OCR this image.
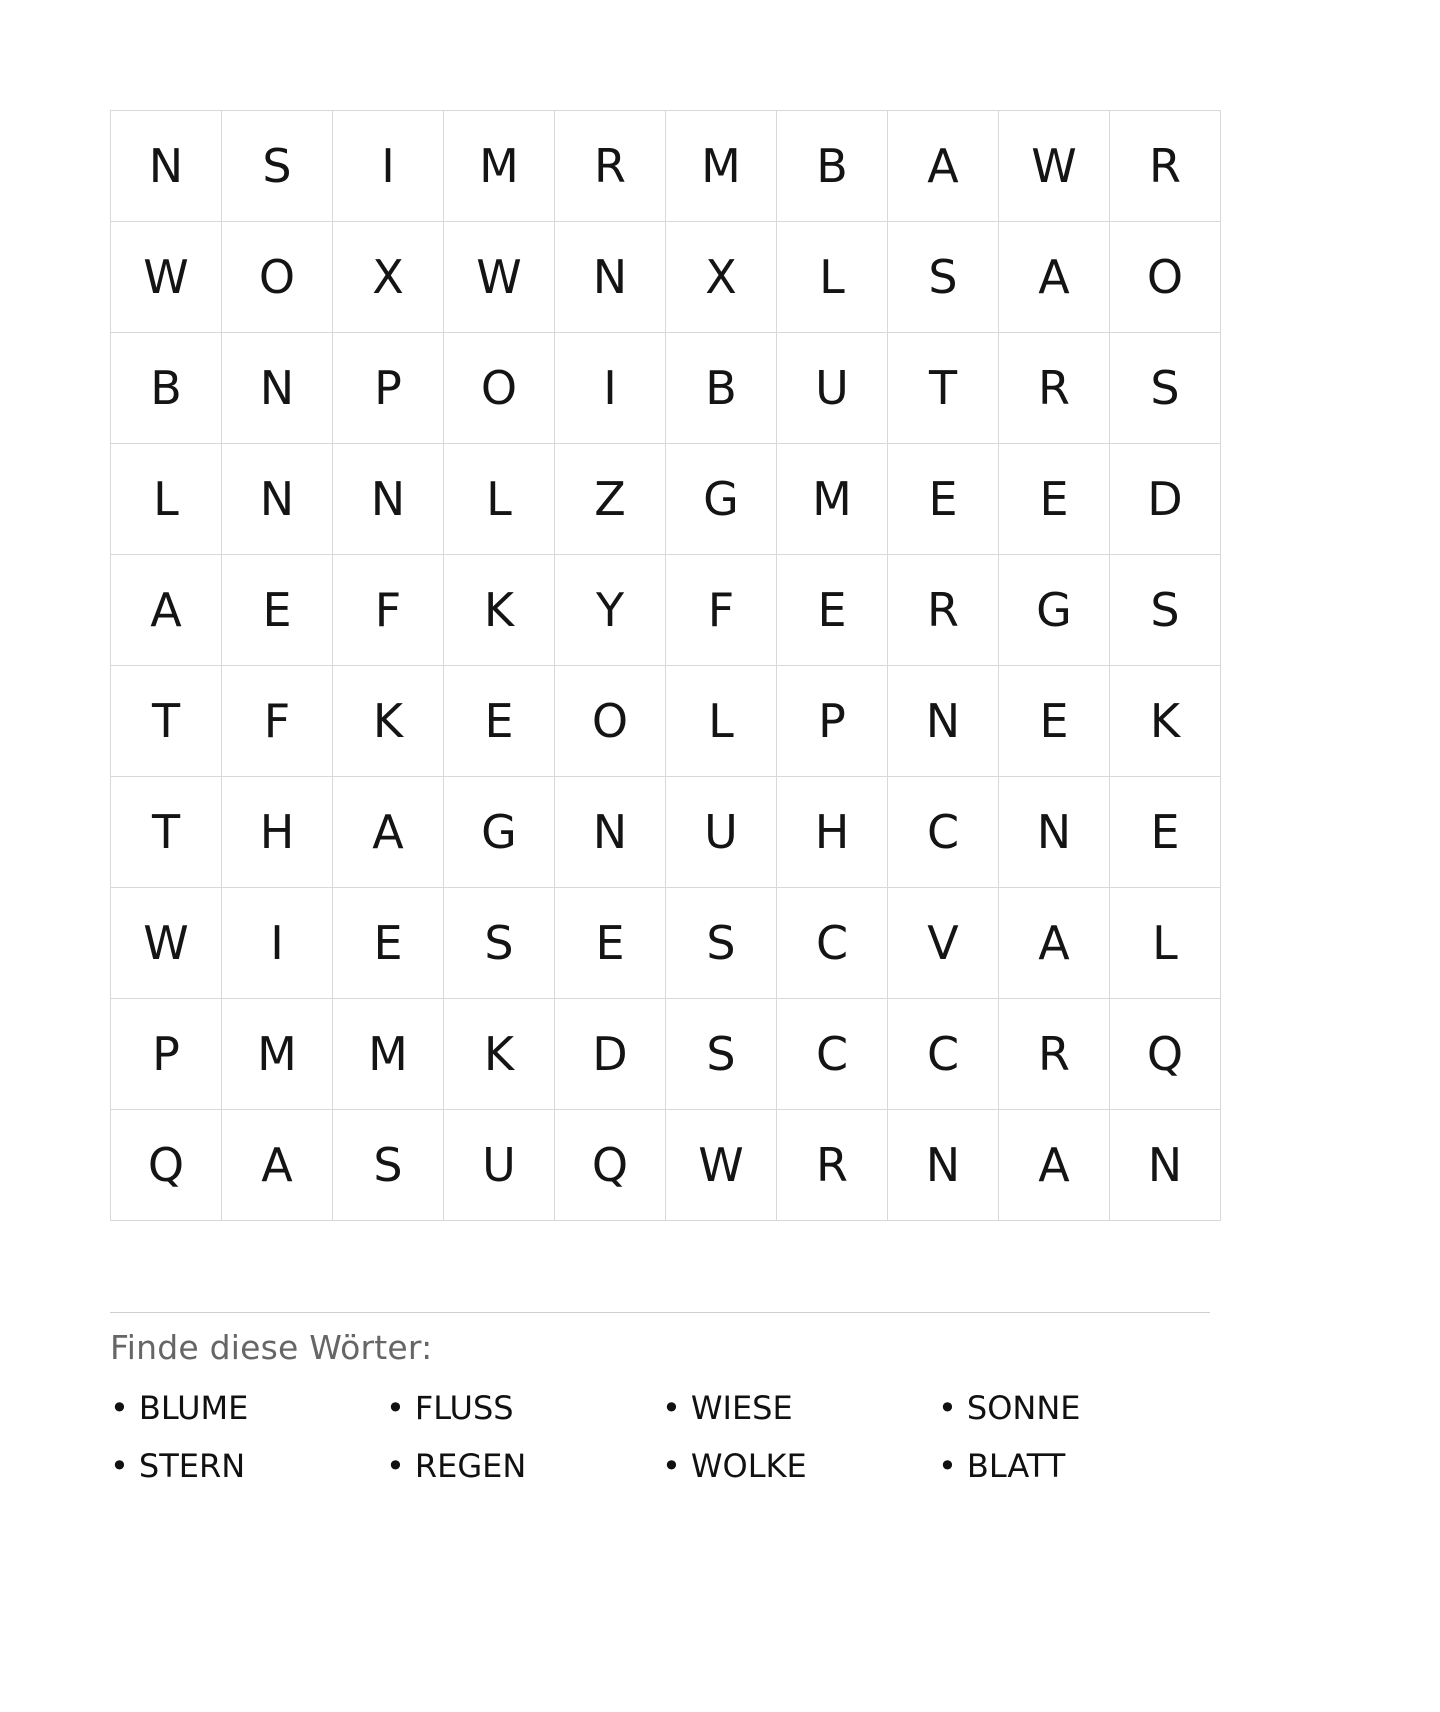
N	S	I	M	R	M	B	A	W	R
W	O	X	W	N	X	L	S	A	O
B	N	P	O	I	B	U	T	R	S
L	N	N	L	Z	G	M	E	E	D
A	E	F	K	Y	F	E	R	G	S
T	F	K	E	O	L	P	N	E	K
T	H	A	G	N	U	H	C	N	E
W	I	E	S	E	S	C	V	A	L
P	M	M	K	D	S	C	C	R	Q
Q	A	S	U	Q	W	R	N	A	N
Finde diese Wörter:
• BLUME	• FLUSS	• WIESE	• SONNE
• STERN	• REGEN	• WOLKE	• BLATT
